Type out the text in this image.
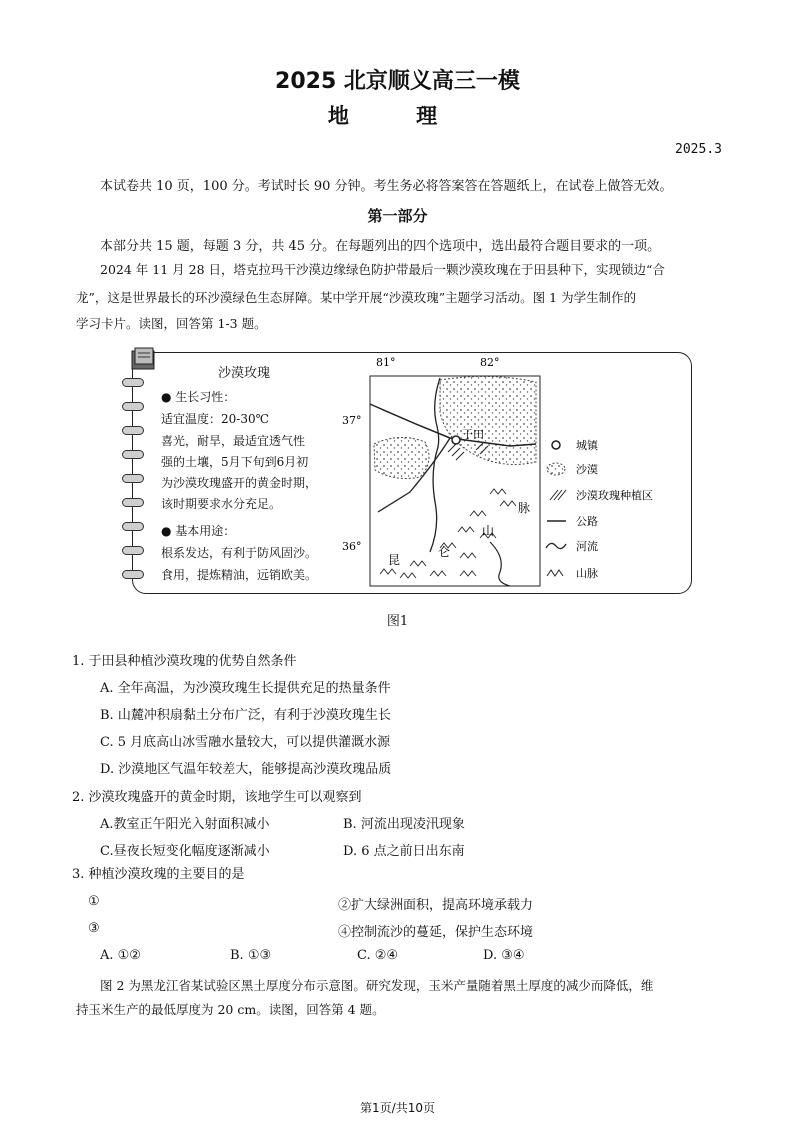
2025 北京顺义高三一模
地 理
2025.3
本试卷共 10 页，100 分。考试时长 90 分钟。考生务必将答案答在答题纸上，在试卷上做答无效。
第一部分
本部分共 15 题，每题 3 分，共 45 分。在每题列出的四个选项中，选出最符合题目要求的一项。
2024 年 11 月 28 日，塔克拉玛干沙漠边缘绿色防护带最后一颗沙漠玫瑰在于田县种下，实现锁边“合
龙”，这是世界最长的环沙漠绿色生态屏障。某中学开展“沙漠玫瑰”主题学习活动。图 1 为学生制作的
学习卡片。读图，回答第 1-3 题。
沙漠玫瑰
● 生长习性：
适宜温度：20-30℃
喜光，耐旱，最适宜透气性
强的土壤，5月下旬到6月初
为沙漠玫瑰盛开的黄金时期，
该时期要求水分充足。
● 基本用途：
根系发达，有利于防风固沙。
食用，提炼精油，远销欧美。
于田
昆
仑
山
脉
81°	82°
37°
36°
城镇
沙漠
沙漠玫瑰种植区
公路
河流
山脉
图1
1. 于田县种植沙漠玫瑰的优势自然条件
A. 全年高温，为沙漠玫瑰生长提供充足的热量条件
B. 山麓冲积扇黏土分布广泛，有利于沙漠玫瑰生长
C. 5 月底高山冰雪融水量较大，可以提供灌溉水源
D. 沙漠地区气温年较差大，能够提高沙漠玫瑰品质
2. 沙漠玫瑰盛开的黄金时期，该地学生可以观察到
A.教室正午阳光入射面积减小	B. 河流出现凌汛现象
C.昼夜长短变化幅度逐渐减小	D. 6 点之前日出东南
3. 种植沙漠玫瑰的主要目的是
①	②扩大绿洲面积，提高环境承载力
③	④控制流沙的蔓延，保护生态环境
A. ①②	B. ①③	C. ②④	D. ③④
图 2 为黑龙江省某试验区黑土厚度分布示意图。研究发现，玉米产量随着黑土厚度的减少而降低，维
持玉米生产的最低厚度为 20 cm。读图，回答第 4 题。
第1页/共10页
